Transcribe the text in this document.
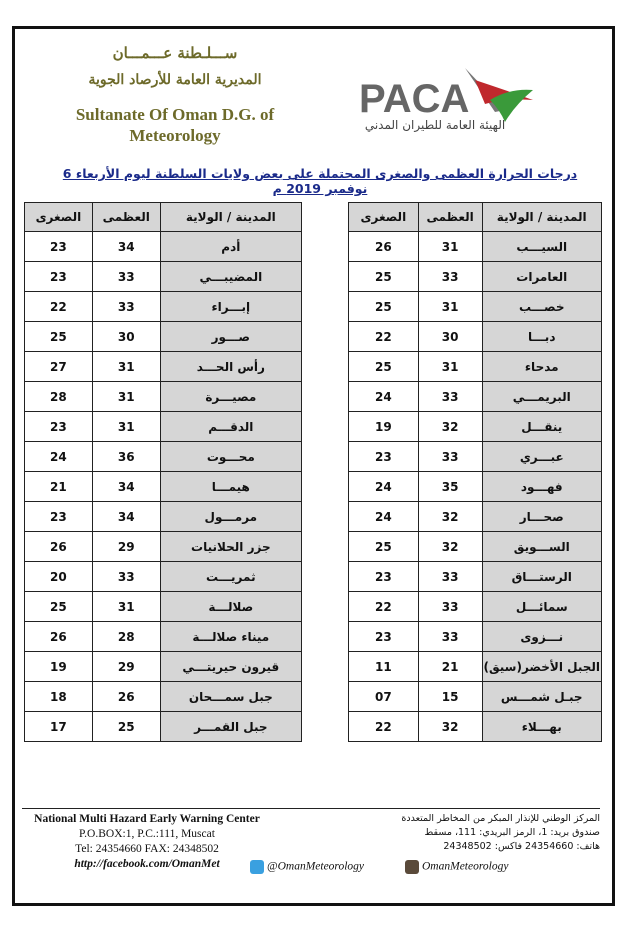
ســـلـطنة عـــمـــان
المديرية العامة للأرصاد الجوية
Sultanate Of Oman D.G. of
Meteorology
PACA
الهيئة العامة للطيران المدني
درجات الحرارة العظمى والصغرى المحتملة على بعض ولايات السلطنة ليوم الأربعاء 6 نوفمبر 2019 م
الصغرى	العظمى	المدينة / الولاية
23	34	أدم
23	33	المضيبـــي
22	33	إبـــراء
25	30	صـــور
27	31	رأس الحـــد
28	31	مصيـــرة
23	31	الدقـــم
24	36	محـــوت
21	34	هيمـــا
23	34	مرمـــول
26	29	جزر الحلانيات
20	33	ثمريـــت
25	31	صلالـــة
26	28	ميناء صلالـــة
19	29	قيرون حيريتـــي
18	26	جبل سمـــحان
17	25	جبل القمـــر
الصغرى	العظمى	المدينة / الولاية
26	31	السيـــب
25	33	العامرات
25	31	خصـــب
22	30	دبـــا
25	31	مدحاء
24	33	البريمـــي
19	32	ينقـــل
23	33	عبـــري
24	35	فهـــود
24	32	صحـــار
25	32	الســـويق
23	33	الرستـــاق
22	33	سمائـــل
23	33	نـــزوى
11	21	الجبل الأخضر(سيق)
07	15	جبـل شمـــس
22	32	بهـــلاء
National Multi Hazard Early Warning Center
P.O.BOX:1, P.C.:111, Muscat
Tel: 24354660 FAX: 24348502
http://facebook.com/OmanMet
المركز الوطني للإنذار المبكر من المخاطر المتعددة
صندوق بريد: 1، الرمز البريدي: 111، مسقط
هاتف: 24354660 فاكس: 24348502
@OmanMeteorology	OmanMeteorology
